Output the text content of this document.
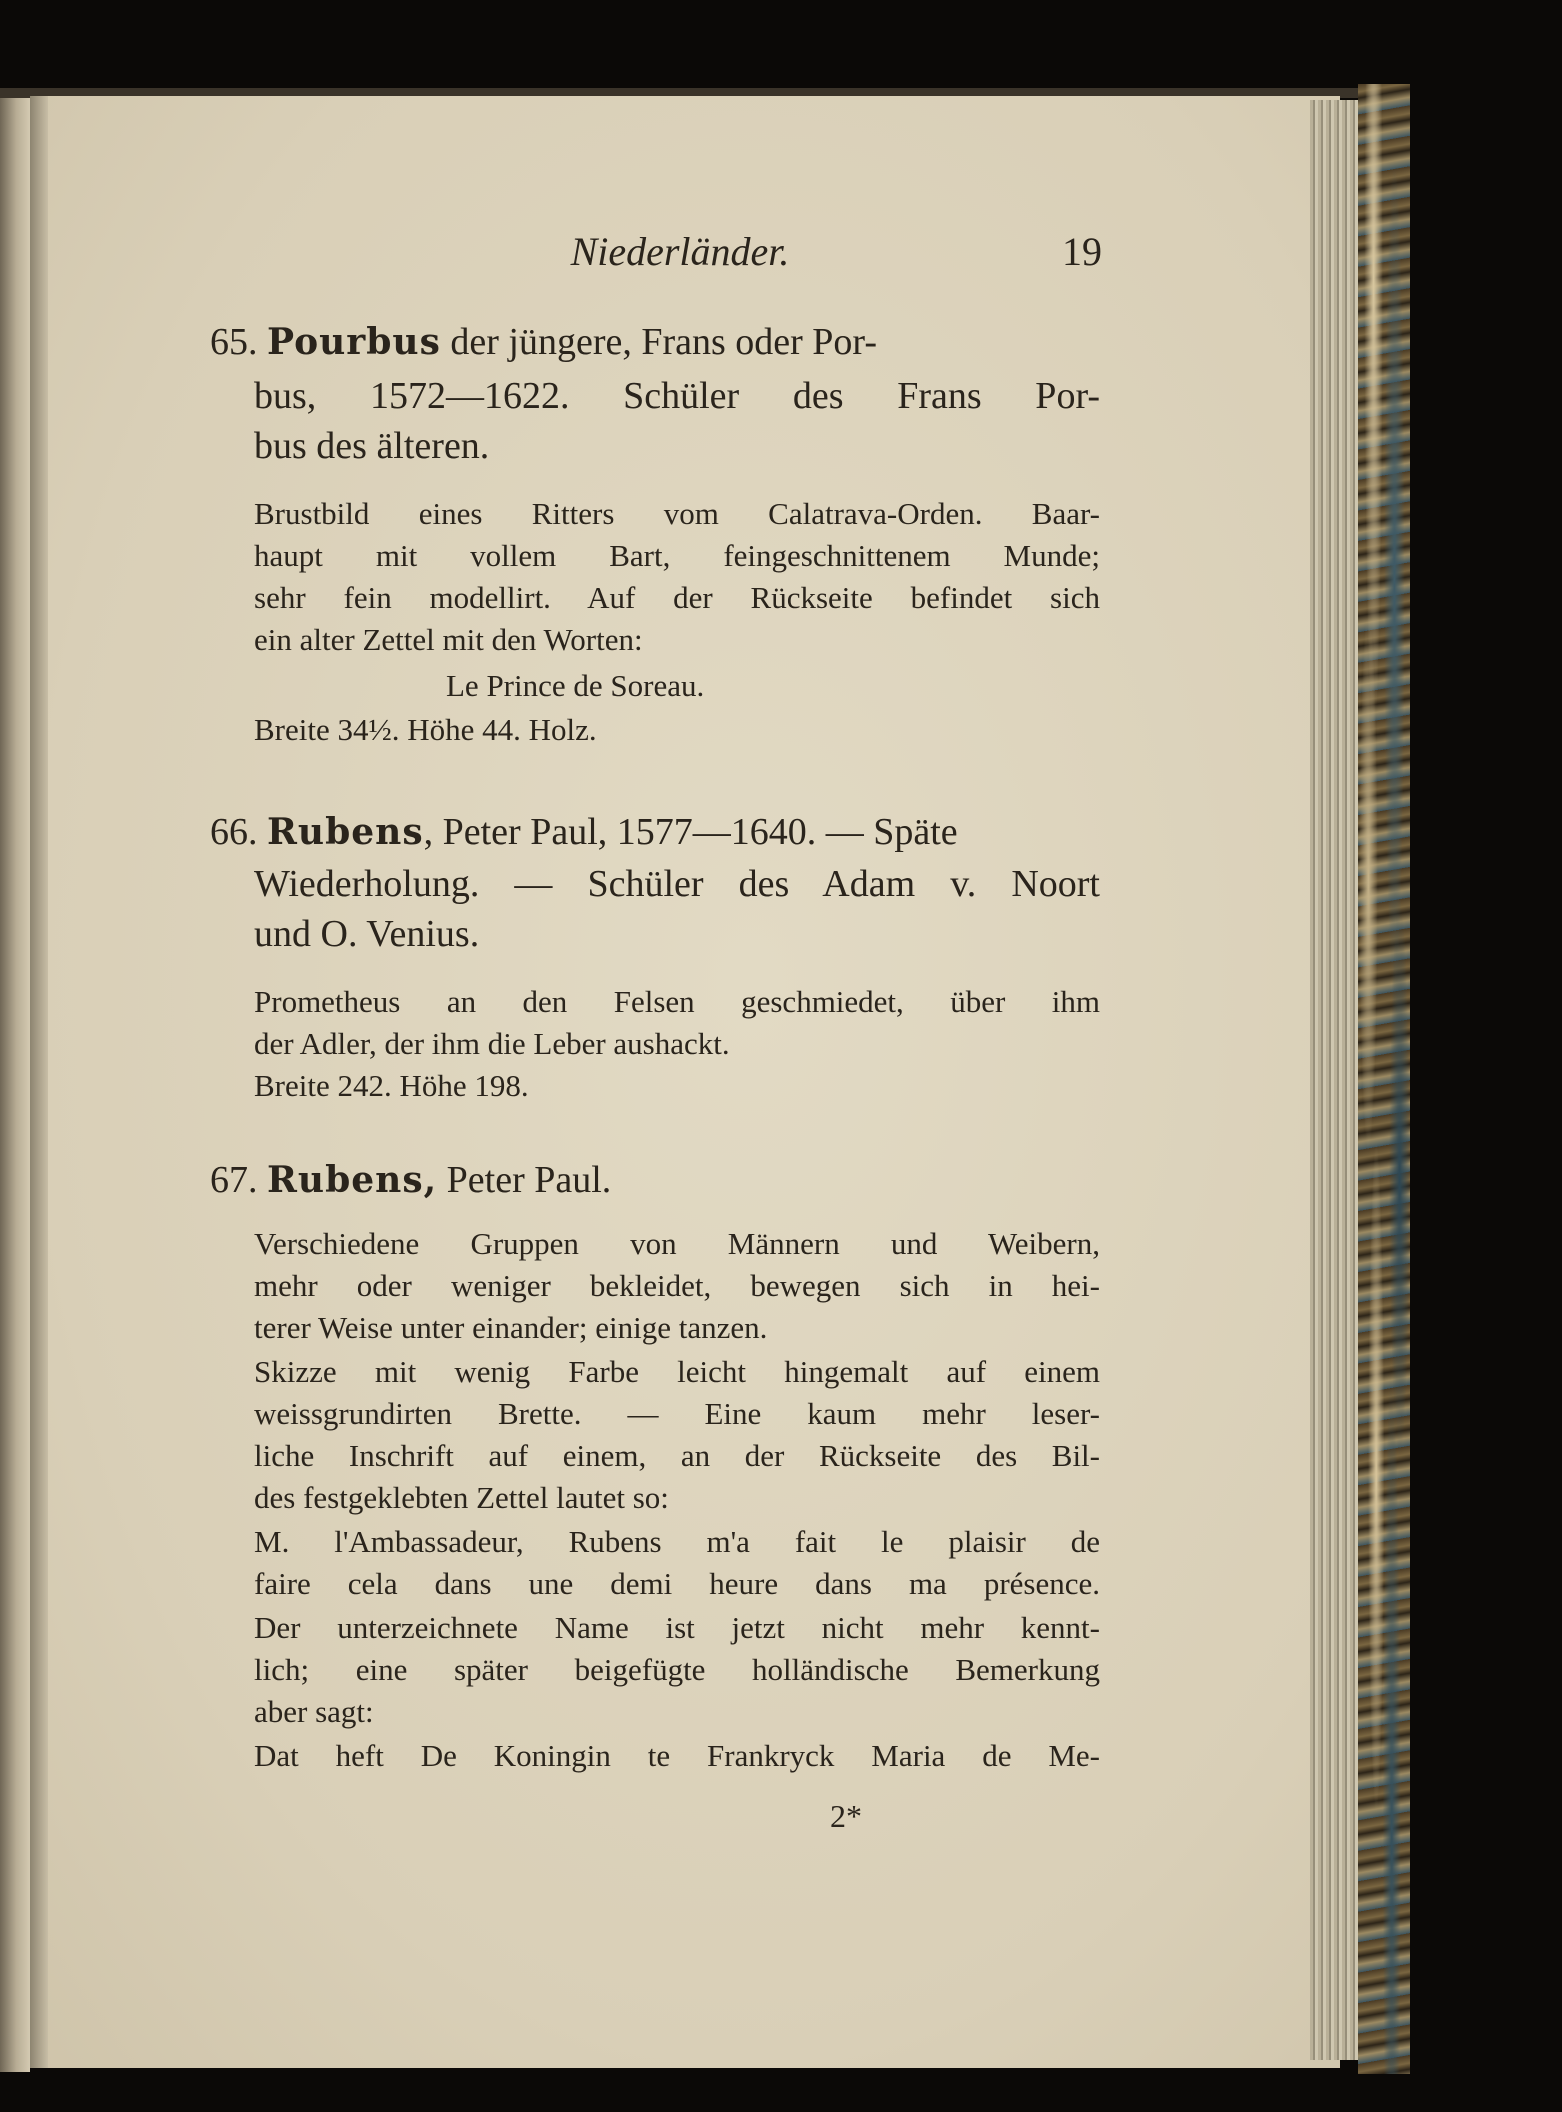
Niederländer.	19
65. Pourbus der jüngere, Frans oder Por-
bus, 1572—1622. Schüler des Frans Por-
bus des älteren.
Brustbild eines Ritters vom Calatrava-Orden. Baar-
haupt mit vollem Bart, feingeschnittenem Munde;
sehr fein modellirt. Auf der Rückseite befindet sich
ein alter Zettel mit den Worten:
Le Prince de Soreau.
Breite 34½. Höhe 44. Holz.
66. Rubens, Peter Paul, 1577—1640. — Späte
Wiederholung. — Schüler des Adam v. Noort
und O. Venius.
Prometheus an den Felsen geschmiedet, über ihm
der Adler, der ihm die Leber aushackt.
Breite 242. Höhe 198.
67. Rubens, Peter Paul.
Verschiedene Gruppen von Männern und Weibern,
mehr oder weniger bekleidet, bewegen sich in hei-
terer Weise unter einander; einige tanzen.
Skizze mit wenig Farbe leicht hingemalt auf einem
weissgrundirten Brette. — Eine kaum mehr leser-
liche Inschrift auf einem, an der Rückseite des Bil-
des festgeklebten Zettel lautet so:
M. l'Ambassadeur, Rubens m'a fait le plaisir de
faire cela dans une demi heure dans ma présence.
Der unterzeichnete Name ist jetzt nicht mehr kennt-
lich; eine später beigefügte holländische Bemerkung
aber sagt:
Dat heft De Koningin te Frankryck Maria de Me-
2*
